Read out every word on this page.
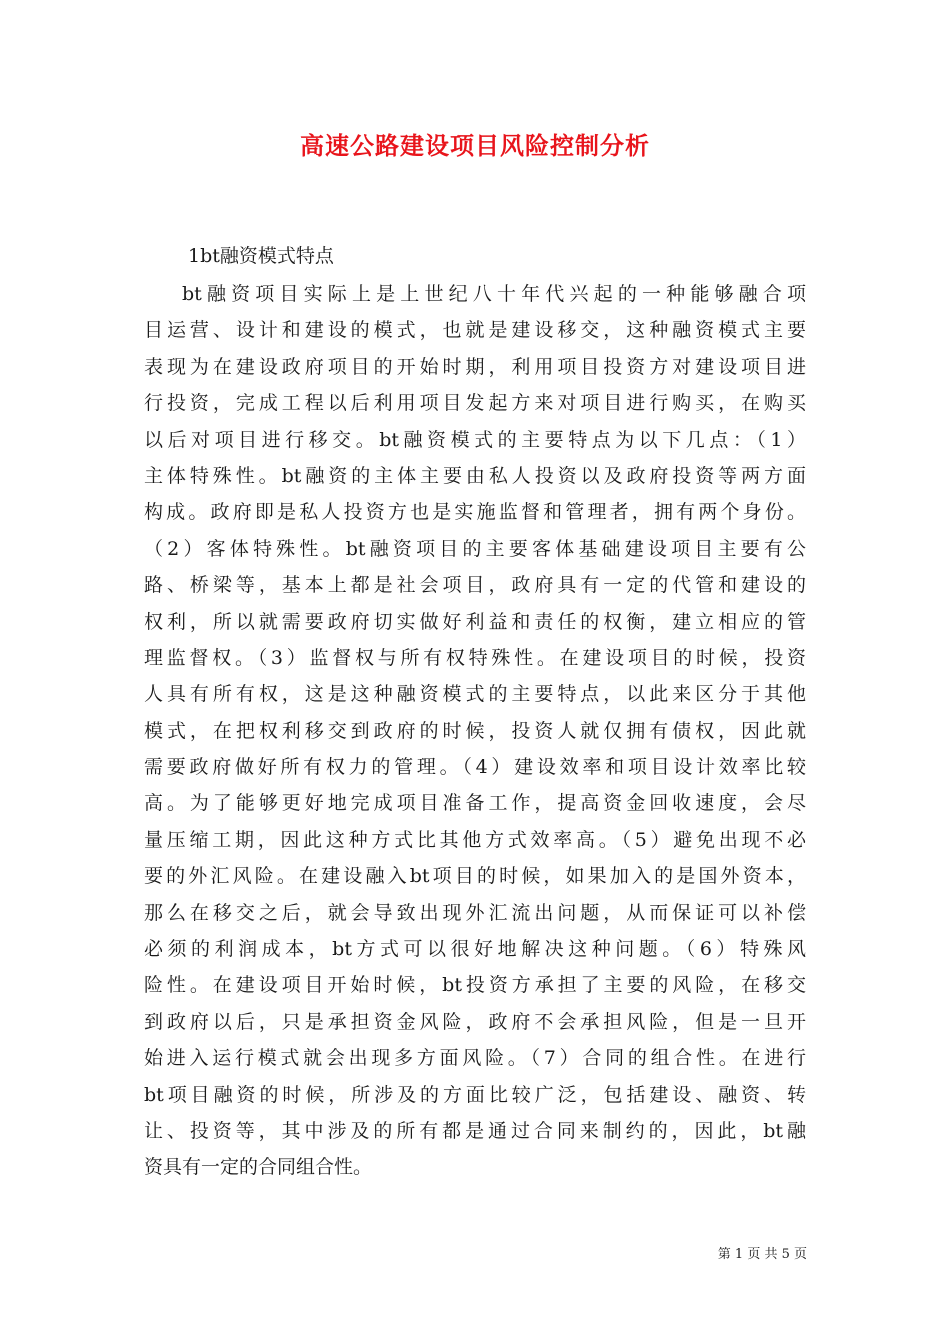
高速公路建设项目风险控制分析
1bt融资模式特点
bt融资项目实际上是上世纪八十年代兴起的一种能够融合项
目运营、设计和建设的模式，也就是建设移交，这种融资模式主要
表现为在建设政府项目的开始时期，利用项目投资方对建设项目进
行投资，完成工程以后利用项目发起方来对项目进行购买，在购买
以后对项目进行移交。bt融资模式的主要特点为以下几点：（1）
主体特殊性。bt融资的主体主要由私人投资以及政府投资等两方面
构成。政府即是私人投资方也是实施监督和管理者，拥有两个身份。
（2）客体特殊性。bt融资项目的主要客体基础建设项目主要有公
路、桥梁等，基本上都是社会项目，政府具有一定的代管和建设的
权利，所以就需要政府切实做好利益和责任的权衡，建立相应的管
理监督权。（3）监督权与所有权特殊性。在建设项目的时候，投资
人具有所有权，这是这种融资模式的主要特点，以此来区分于其他
模式，在把权利移交到政府的时候，投资人就仅拥有债权，因此就
需要政府做好所有权力的管理。（4）建设效率和项目设计效率比较
高。为了能够更好地完成项目准备工作，提高资金回收速度，会尽
量压缩工期，因此这种方式比其他方式效率高。（5）避免出现不必
要的外汇风险。在建设融入bt项目的时候，如果加入的是国外资本，
那么在移交之后，就会导致出现外汇流出问题，从而保证可以补偿
必须的利润成本，bt方式可以很好地解决这种问题。（6）特殊风
险性。在建设项目开始时候，bt投资方承担了主要的风险，在移交
到政府以后，只是承担资金风险，政府不会承担风险，但是一旦开
始进入运行模式就会出现多方面风险。（7）合同的组合性。在进行
bt项目融资的时候，所涉及的方面比较广泛，包括建设、融资、转
让、投资等，其中涉及的所有都是通过合同来制约的，因此，bt融
资具有一定的合同组合性。
第 1 页 共 5 页
